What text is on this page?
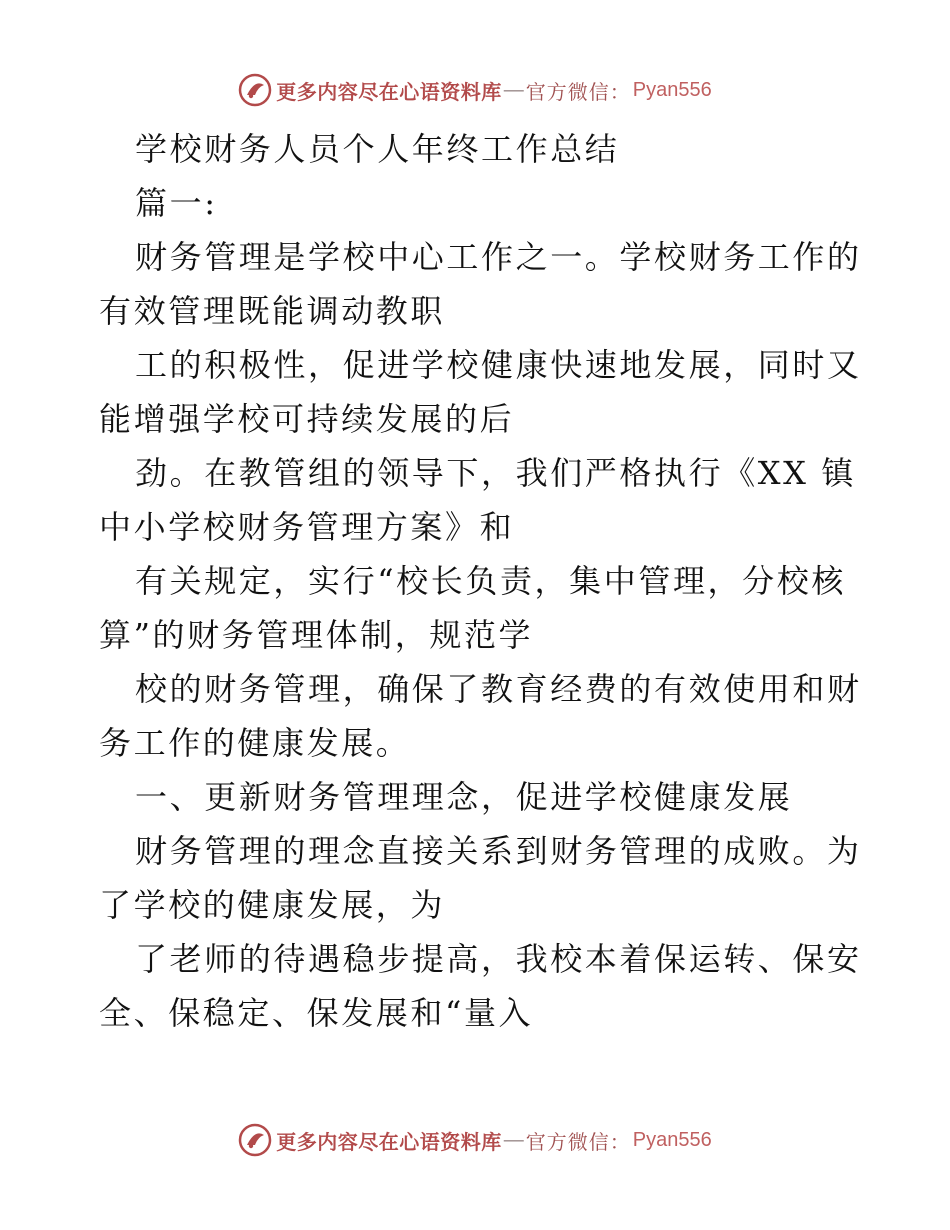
更多内容尽在心语资料库 — 官方微信： Pyan556
学校财务人员个人年终工作总结
篇一:
财务管理是学校中心工作之一。学校财务工作的
有效管理既能调动教职
工的积极性，促进学校健康快速地发展，同时又
能增强学校可持续发展的后
劲。在教管组的领导下，我们严格执行《XX 镇
中小学校财务管理方案》和
有关规定，实行“校长负责，集中管理，分校核
算”的财务管理体制，规范学
校的财务管理，确保了教育经费的有效使用和财
务工作的健康发展。
一、更新财务管理理念，促进学校健康发展
财务管理的理念直接关系到财务管理的成败。为
了学校的健康发展，为
了老师的待遇稳步提高，我校本着保运转、保安
全、保稳定、保发展和“量入
更多内容尽在心语资料库 — 官方微信： Pyan556
